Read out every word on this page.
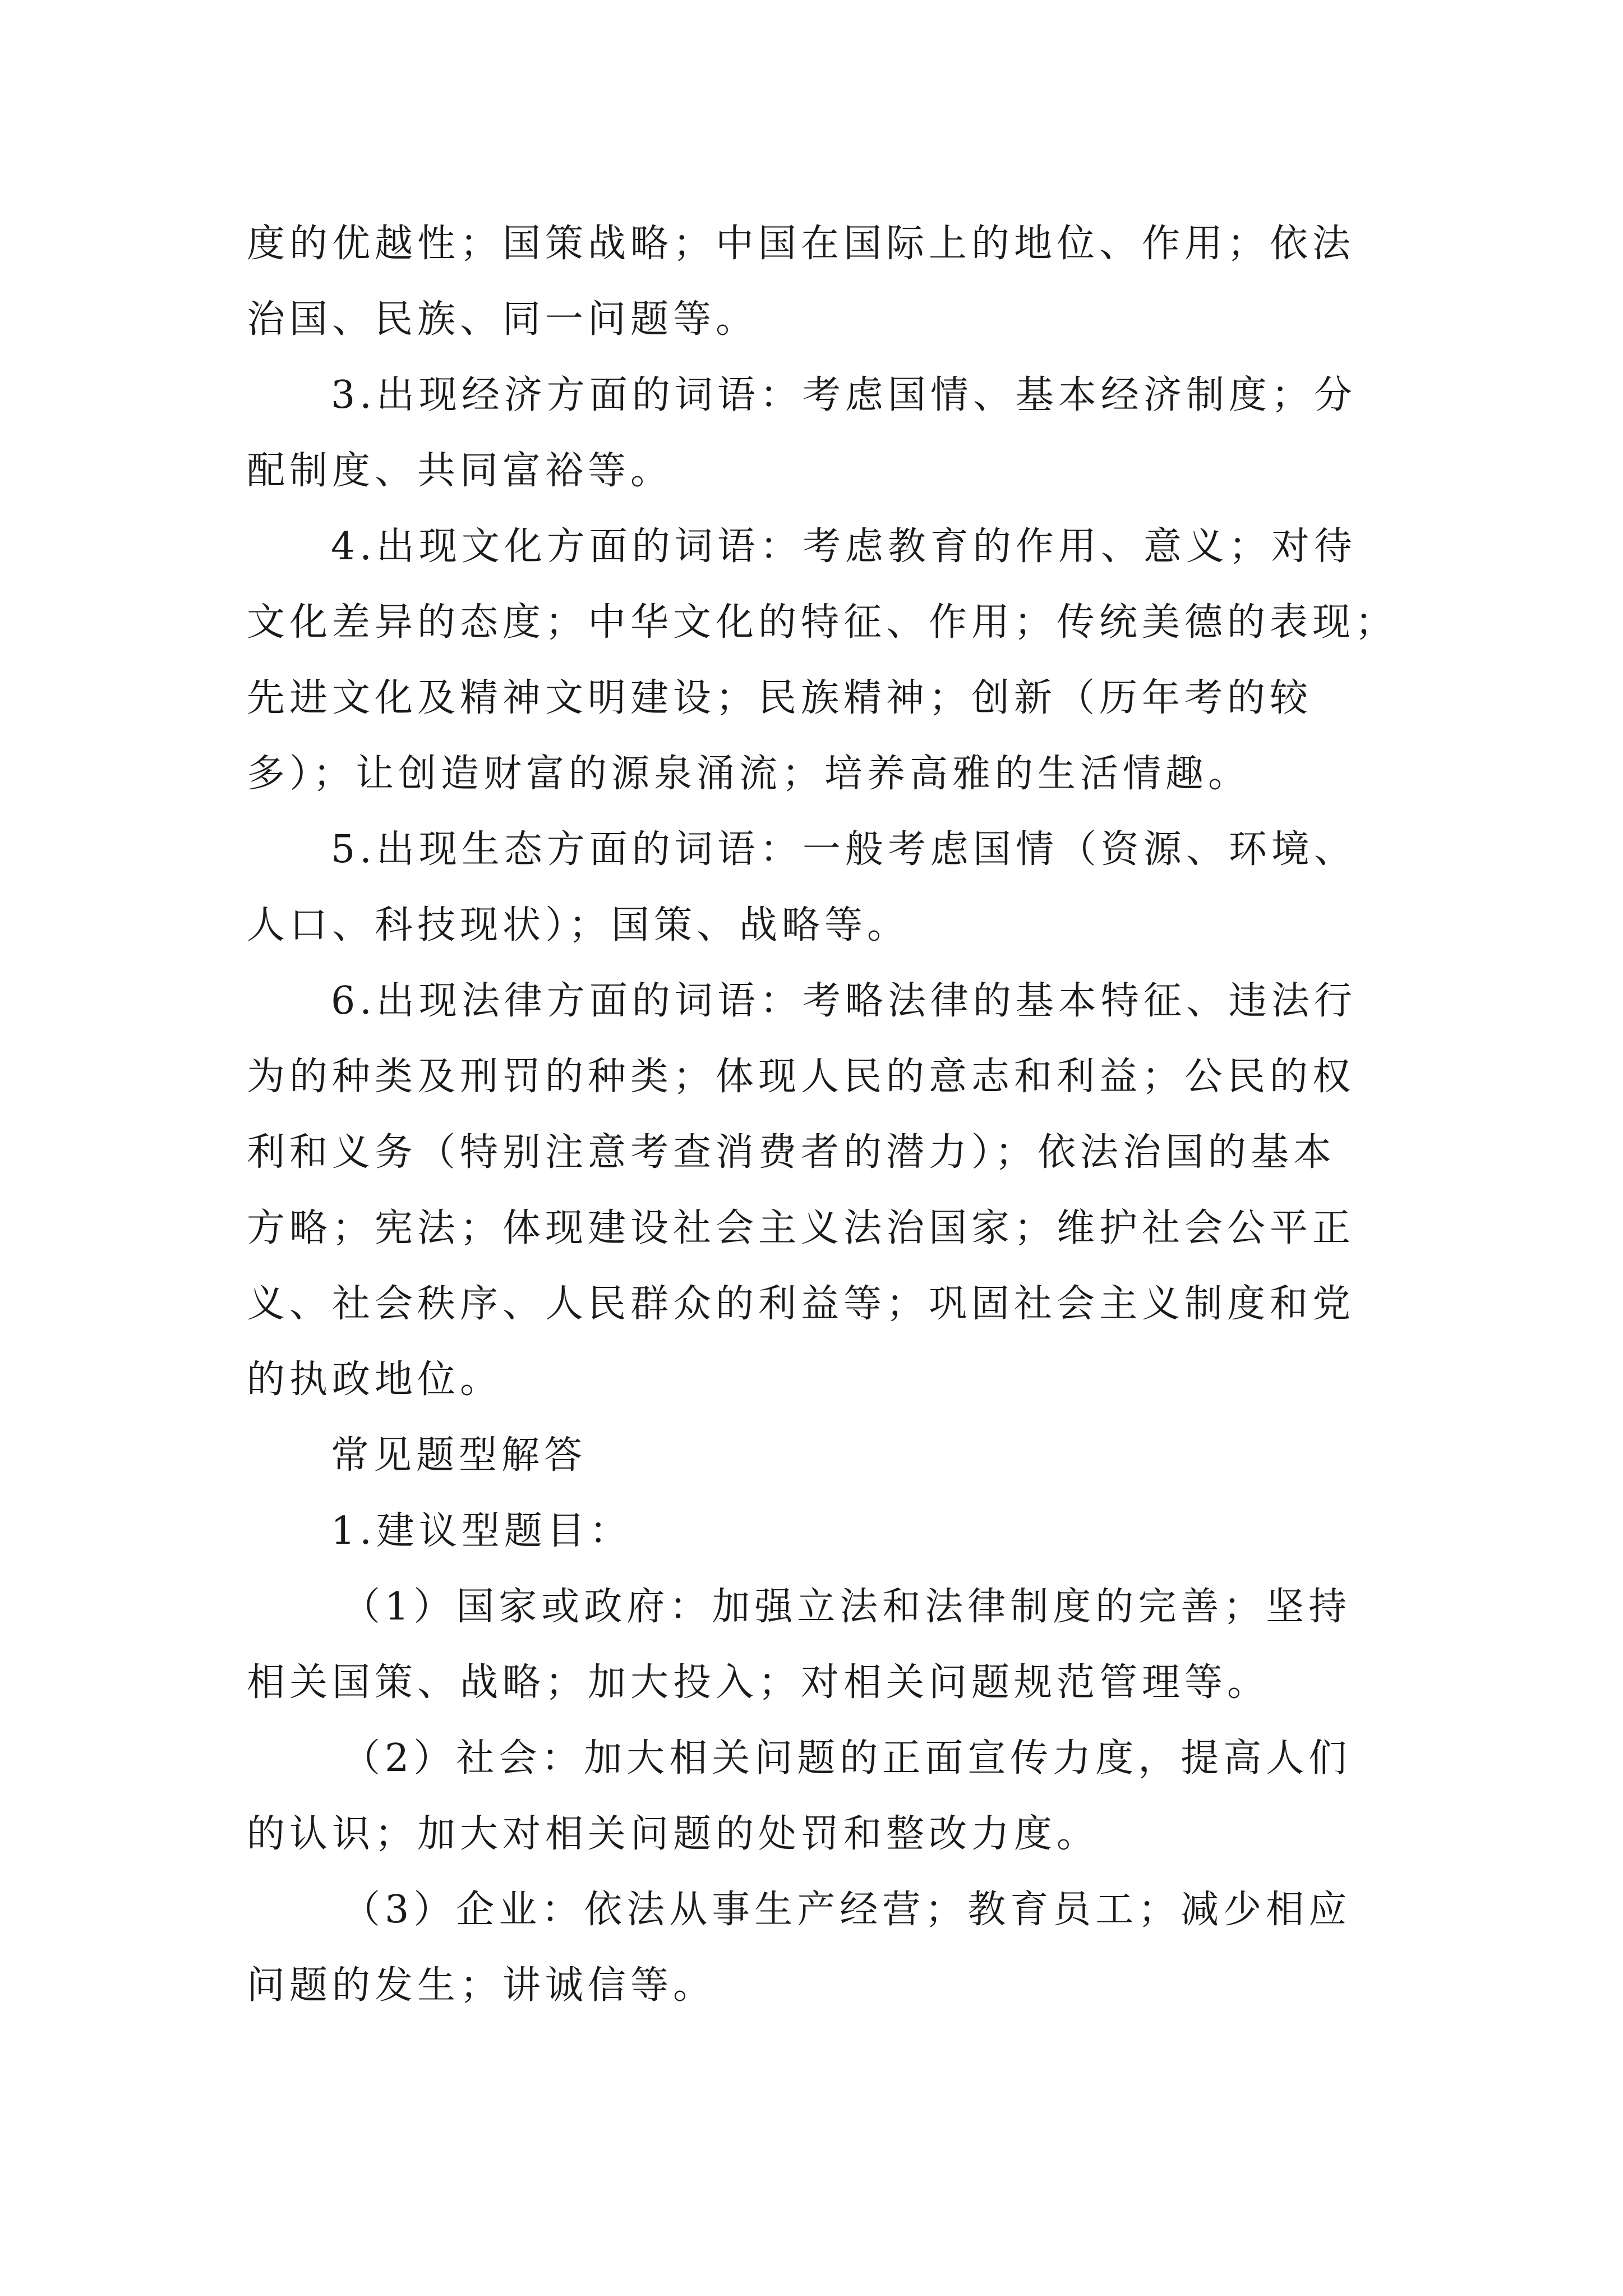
度的优越性；国策战略；中国在国际上的地位、作用；依法
治国、民族、同一问题等。
3.出现经济方面的词语：考虑国情、基本经济制度；分
配制度、共同富裕等。
4.出现文化方面的词语：考虑教育的作用、意义；对待
文化差异的态度；中华文化的特征、作用；传统美德的表现；
先进文化及精神文明建设；民族精神；创新（历年考的较
多）；让创造财富的源泉涌流；培养高雅的生活情趣。
5.出现生态方面的词语：一般考虑国情（资源、环境、
人口、科技现状）；国策、战略等。
6.出现法律方面的词语：考略法律的基本特征、违法行
为的种类及刑罚的种类；体现人民的意志和利益；公民的权
利和义务（特别注意考查消费者的潜力）；依法治国的基本
方略；宪法；体现建设社会主义法治国家；维护社会公平正
义、社会秩序、人民群众的利益等；巩固社会主义制度和党
的执政地位。
常见题型解答
1.建议型题目：
（1）国家或政府：加强立法和法律制度的完善；坚持
相关国策、战略；加大投入；对相关问题规范管理等。
（2）社会：加大相关问题的正面宣传力度，提高人们
的认识；加大对相关问题的处罚和整改力度。
（3）企业：依法从事生产经营；教育员工；减少相应
问题的发生；讲诚信等。
